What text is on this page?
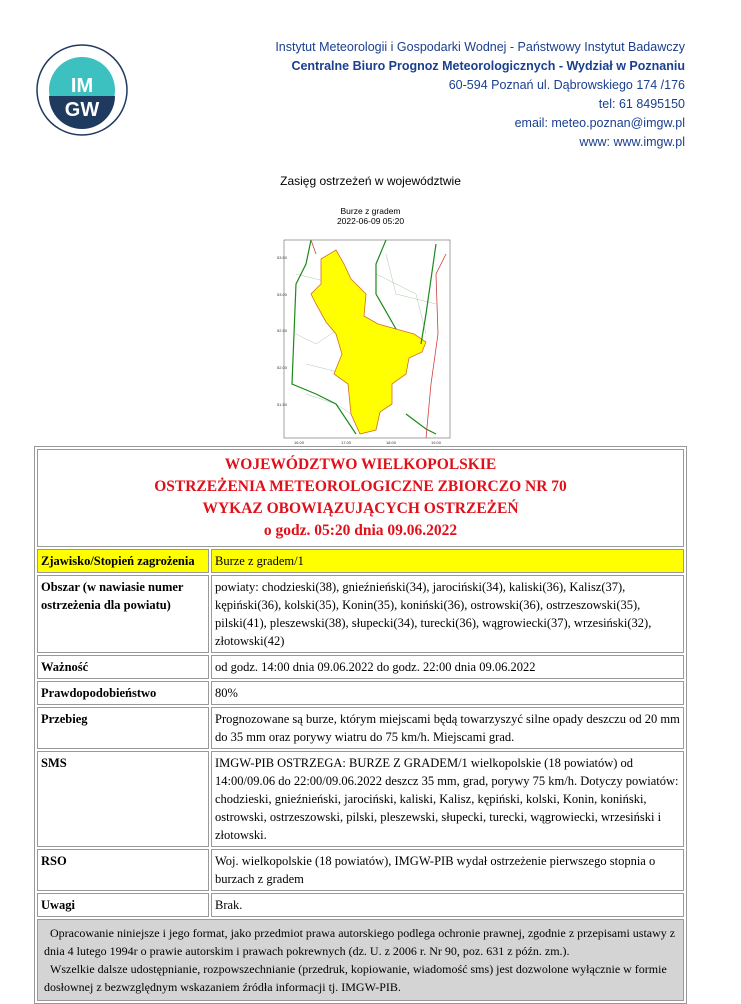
IM
GW
Instytut Meteorologii i Gospodarki Wodnej - Państwowy Instytut Badawczy
Centralne Biuro Prognoz Meteorologicznych - Wydział w Poznaniu
60-594 Poznań ul. Dąbrowskiego 174 /176
tel: 61 8495150
email: meteo.poznan@imgw.pl
www: www.imgw.pl
Zasięg ostrzeżeń w województwie
Burze z gradem
2022-06-09 05:20
53.50
53.00
52.50
52.00
51.50
16.00	17.00	18.00	19.00
WOJEWÓDZTWO WIELKOPOLSKIE
OSTRZEŻENIA METEOROLOGICZNE ZBIORCZO NR 70
WYKAZ OBOWIĄZUJĄCYCH OSTRZEŻEŃ
o godz. 05:20 dnia 09.06.2022	

Zjawisko/Stopień zagrożenia	Burze z gradem/1
Obszar (w nawiasie numer ostrzeżenia dla powiatu)	powiaty: chodzieski(38), gnieźnieński(34), jarociński(34), kaliski(36), Kalisz(37), kępiński(36), kolski(35), Konin(35), koniński(36), ostrowski(36), ostrzeszowski(35), pilski(41), pleszewski(38), słupecki(34), turecki(36), wągrowiecki(37), wrzesiński(32), złotowski(42)
Ważność	od godz. 14:00 dnia 09.06.2022 do godz. 22:00 dnia 09.06.2022
Prawdopodobieństwo	80%
Przebieg	Prognozowane są burze, którym miejscami będą towarzyszyć silne opady deszczu od 20 mm do 35 mm oraz porywy wiatru do 75 km/h. Miejscami grad.
SMS	IMGW-PIB OSTRZEGA: BURZE Z GRADEM/1 wielkopolskie (18 powiatów) od 14:00/09.06 do 22:00/09.06.2022 deszcz 35 mm, grad, porywy 75 km/h. Dotyczy powiatów: chodzieski, gnieźnieński, jarociński, kaliski, Kalisz, kępiński, kolski, Konin, koniński, ostrowski, ostrzeszowski, pilski, pleszewski, słupecki, turecki, wągrowiecki, wrzesiński i złotowski.
RSO	Woj. wielkopolskie (18 powiatów), IMGW-PIB wydał ostrzeżenie pierwszego stopnia o burzach z gradem
Uwagi	Brak.

Opracowanie niniejsze i jego format, jako przedmiot prawa autorskiego podlega ochronie prawnej, zgodnie z przepisami ustawy z dnia 4 lutego 1994r o prawie autorskim i prawach pokrewnych (dz. U. z 2006 r. Nr 90, poz. 631 z późn. zm.).
Wszelkie dalsze udostępnianie, rozpowszechnianie (przedruk, kopiowanie, wiadomość sms) jest dozwolone wyłącznie w formie dosłownej z bezwzględnym wskazaniem źródła informacji tj. IMGW-PIB.	
